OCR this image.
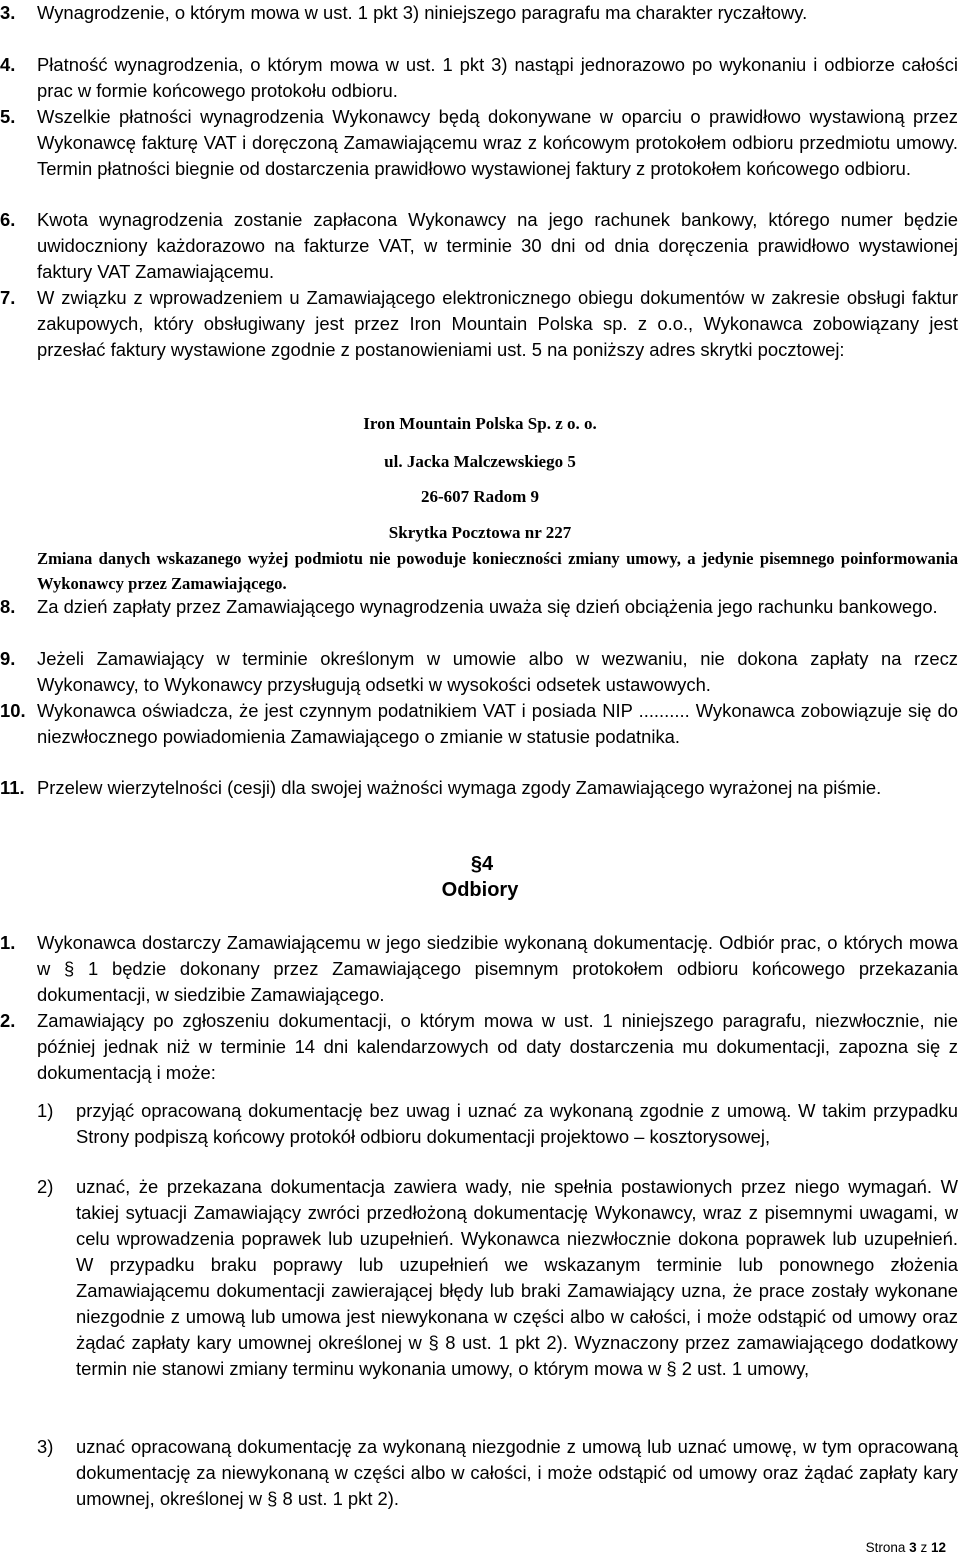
3. Wynagrodzenie, o którym mowa w ust. 1 pkt 3) niniejszego paragrafu ma charakter ryczałtowy.
4. Płatność wynagrodzenia, o którym mowa w ust. 1 pkt 3) nastąpi jednorazowo po wykonaniu i odbiorze całości prac w formie końcowego protokołu odbioru.
5. Wszelkie płatności wynagrodzenia Wykonawcy będą dokonywane w oparciu o prawidłowo wystawioną przez Wykonawcę fakturę VAT i doręczoną Zamawiającemu wraz z końcowym protokołem odbioru przedmiotu umowy. Termin płatności biegnie od dostarczenia prawidłowo wystawionej faktury z protokołem końcowego odbioru.
6. Kwota wynagrodzenia zostanie zapłacona Wykonawcy na jego rachunek bankowy, którego numer będzie uwidoczniony każdorazowo na fakturze VAT, w terminie 30 dni od dnia doręczenia prawidłowo wystawionej faktury VAT Zamawiającemu.
7. W związku z wprowadzeniem u Zamawiającego elektronicznego obiegu dokumentów w zakresie obsługi faktur zakupowych, który obsługiwany jest przez Iron Mountain Polska sp. z o.o., Wykonawca zobowiązany jest przesłać faktury wystawione zgodnie z postanowieniami ust. 5 na poniższy adres skrytki pocztowej:
Iron Mountain Polska Sp. z o. o.
ul. Jacka Malczewskiego 5
26-607 Radom 9
Skrytka Pocztowa nr 227
Zmiana danych wskazanego wyżej podmiotu nie powoduje konieczności zmiany umowy, a jedynie pisemnego poinformowania Wykonawcy przez Zamawiającego.
8. Za dzień zapłaty przez Zamawiającego wynagrodzenia uważa się dzień obciążenia jego rachunku bankowego.
9. Jeżeli Zamawiający w terminie określonym w umowie albo w wezwaniu, nie dokona zapłaty na rzecz Wykonawcy, to Wykonawcy przysługują odsetki w wysokości odsetek ustawowych.
10. Wykonawca oświadcza, że jest czynnym podatnikiem VAT i posiada NIP .......... Wykonawca zobowiązuje się do niezwłocznego powiadomienia Zamawiającego o zmianie w statusie podatnika.
11. Przelew wierzytelności (cesji) dla swojej ważności wymaga zgody Zamawiającego wyrażonej na piśmie.
§4
Odbiory
1. Wykonawca dostarczy Zamawiającemu w jego siedzibie wykonaną dokumentację. Odbiór prac, o których mowa w § 1 będzie dokonany przez Zamawiającego pisemnym protokołem odbioru końcowego przekazania dokumentacji, w siedzibie Zamawiającego.
2. Zamawiający po zgłoszeniu dokumentacji, o którym mowa w ust. 1 niniejszego paragrafu, niezwłocznie, nie później jednak niż w terminie 14 dni kalendarzowych od daty dostarczenia mu dokumentacji, zapozna się z dokumentacją i może:
1) przyjąć opracowaną dokumentację bez uwag i uznać za wykonaną zgodnie z umową. W takim przypadku Strony podpiszą końcowy protokół odbioru dokumentacji projektowo – kosztorysowej,
2) uznać, że przekazana dokumentacja zawiera wady, nie spełnia postawionych przez niego wymagań. W takiej sytuacji Zamawiający zwróci przedłożoną dokumentację Wykonawcy, wraz z pisemnymi uwagami, w celu wprowadzenia poprawek lub uzupełnień. Wykonawca niezwłocznie dokona poprawek lub uzupełnień. W przypadku braku poprawy lub uzupełnień we wskazanym terminie lub ponownego złożenia Zamawiającemu dokumentacji zawierającej błędy lub braki Zamawiający uzna, że prace zostały wykonane niezgodnie z umową lub umowa jest niewykonana w części albo w całości, i może odstąpić od umowy oraz żądać zapłaty kary umownej określonej w § 8 ust. 1 pkt 2). Wyznaczony przez zamawiającego dodatkowy termin nie stanowi zmiany terminu wykonania umowy, o którym mowa w § 2 ust. 1 umowy,
3) uznać opracowaną dokumentację za wykonaną niezgodnie z umową lub uznać umowę, w tym opracowaną dokumentację za niewykonaną w części albo w całości, i może odstąpić od umowy oraz żądać zapłaty kary umownej, określonej w § 8 ust. 1 pkt 2).
Strona 3 z 12
